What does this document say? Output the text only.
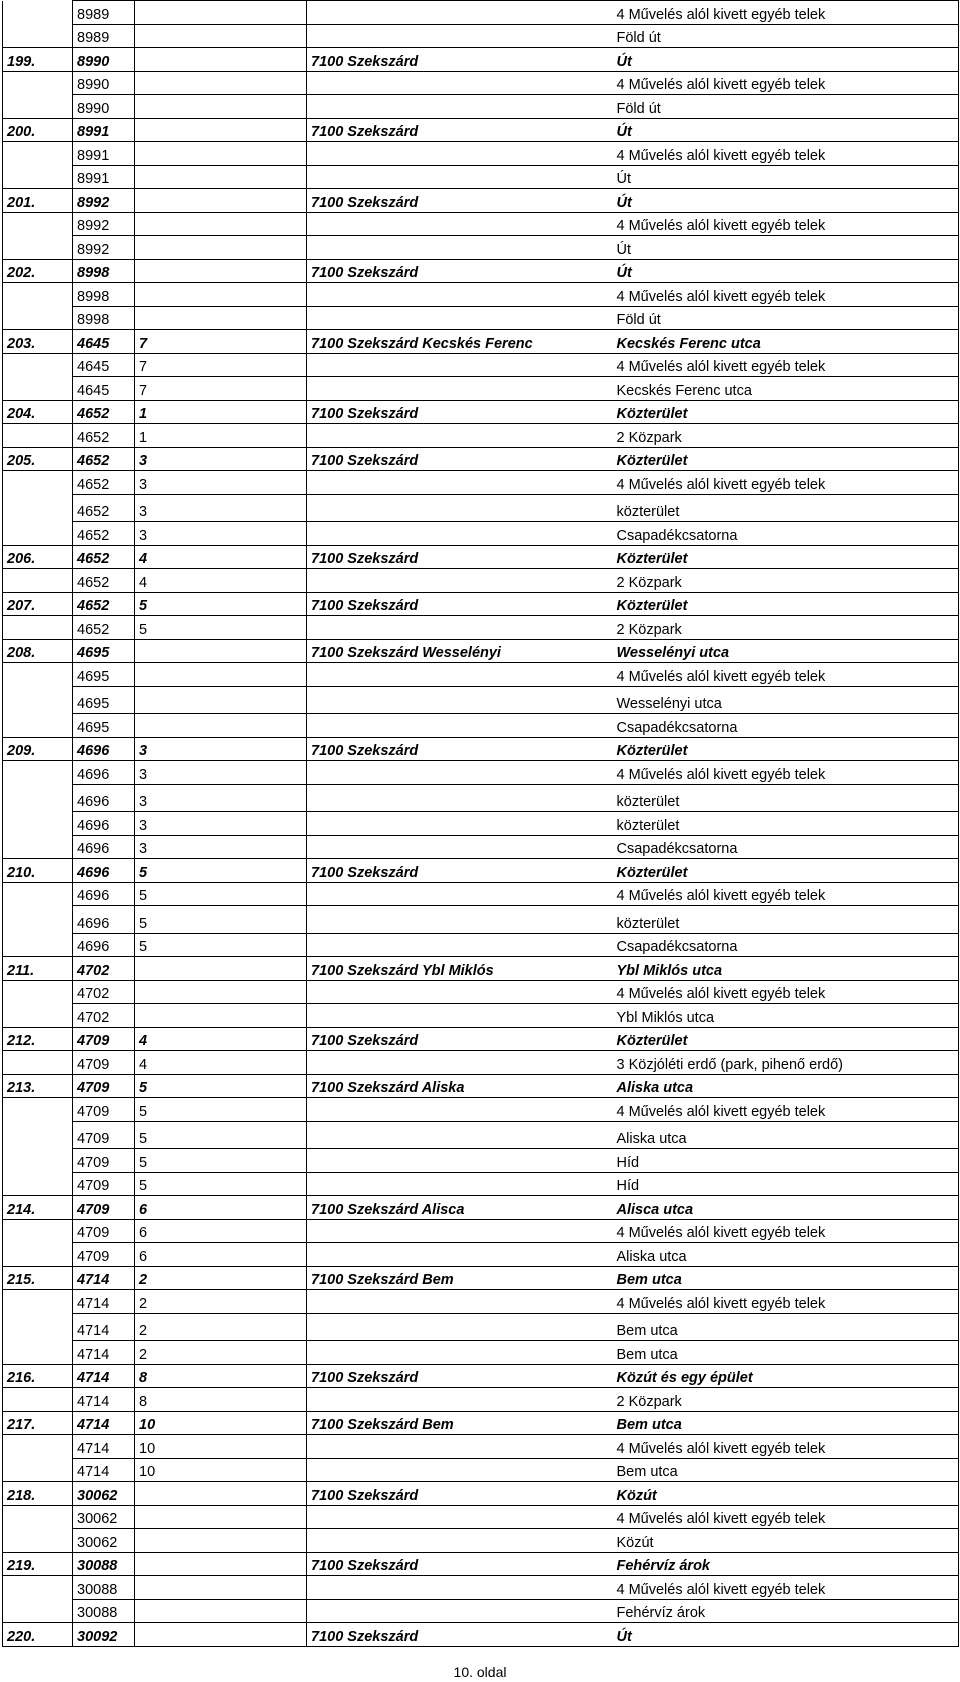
	8989			4 Művelés alól kivett egyéb telek
	8989			Föld út
199.	8990		7100 Szekszárd	Út
	8990			4 Művelés alól kivett egyéb telek
	8990			Föld út
200.	8991		7100 Szekszárd	Út
	8991			4 Művelés alól kivett egyéb telek
	8991			Út
201.	8992		7100 Szekszárd	Út
	8992			4 Művelés alól kivett egyéb telek
	8992			Út
202.	8998		7100 Szekszárd	Út
	8998			4 Művelés alól kivett egyéb telek
	8998			Föld út
203.	4645	7	7100 Szekszárd Kecskés Ferenc	Kecskés Ferenc utca
	4645	7		4 Művelés alól kivett egyéb telek
	4645	7		Kecskés Ferenc utca
204.	4652	1	7100 Szekszárd	Közterület
	4652	1		2 Közpark
205.	4652	3	7100 Szekszárd	Közterület
	4652	3		4 Művelés alól kivett egyéb telek
	4652	3		közterület
	4652	3		Csapadékcsatorna
206.	4652	4	7100 Szekszárd	Közterület
	4652	4		2 Közpark
207.	4652	5	7100 Szekszárd	Közterület
	4652	5		2 Közpark
208.	4695		7100 Szekszárd Wesselényi	Wesselényi utca
	4695			4 Művelés alól kivett egyéb telek
	4695			Wesselényi utca
	4695			Csapadékcsatorna
209.	4696	3	7100 Szekszárd	Közterület
	4696	3		4 Művelés alól kivett egyéb telek
	4696	3		közterület
	4696	3		közterület
	4696	3		Csapadékcsatorna
210.	4696	5	7100 Szekszárd	Közterület
	4696	5		4 Művelés alól kivett egyéb telek
	4696	5		közterület
	4696	5		Csapadékcsatorna
211.	4702		7100 Szekszárd Ybl Miklós	Ybl Miklós utca
	4702			4 Művelés alól kivett egyéb telek
	4702			Ybl Miklós utca
212.	4709	4	7100 Szekszárd	Közterület
	4709	4		3 Közjóléti erdő (park, pihenő erdő)
213.	4709	5	7100 Szekszárd Aliska	Aliska utca
	4709	5		4 Művelés alól kivett egyéb telek
	4709	5		Aliska utca
	4709	5		Híd
	4709	5		Híd
214.	4709	6	7100 Szekszárd Alisca	Alisca utca
	4709	6		4 Művelés alól kivett egyéb telek
	4709	6		Aliska utca
215.	4714	2	7100 Szekszárd Bem	Bem utca
	4714	2		4 Művelés alól kivett egyéb telek
	4714	2		Bem utca
	4714	2		Bem utca
216.	4714	8	7100 Szekszárd	Közút és egy épület
	4714	8		2 Közpark
217.	4714	10	7100 Szekszárd Bem	Bem utca
	4714	10		4 Művelés alól kivett egyéb telek
	4714	10		Bem utca
218.	30062		7100 Szekszárd	Közút
	30062			4 Művelés alól kivett egyéb telek
	30062			Közút
219.	30088		7100 Szekszárd	Fehérvíz árok
	30088			4 Művelés alól kivett egyéb telek
	30088			Fehérvíz árok
220.	30092		7100 Szekszárd	Út
10. oldal
